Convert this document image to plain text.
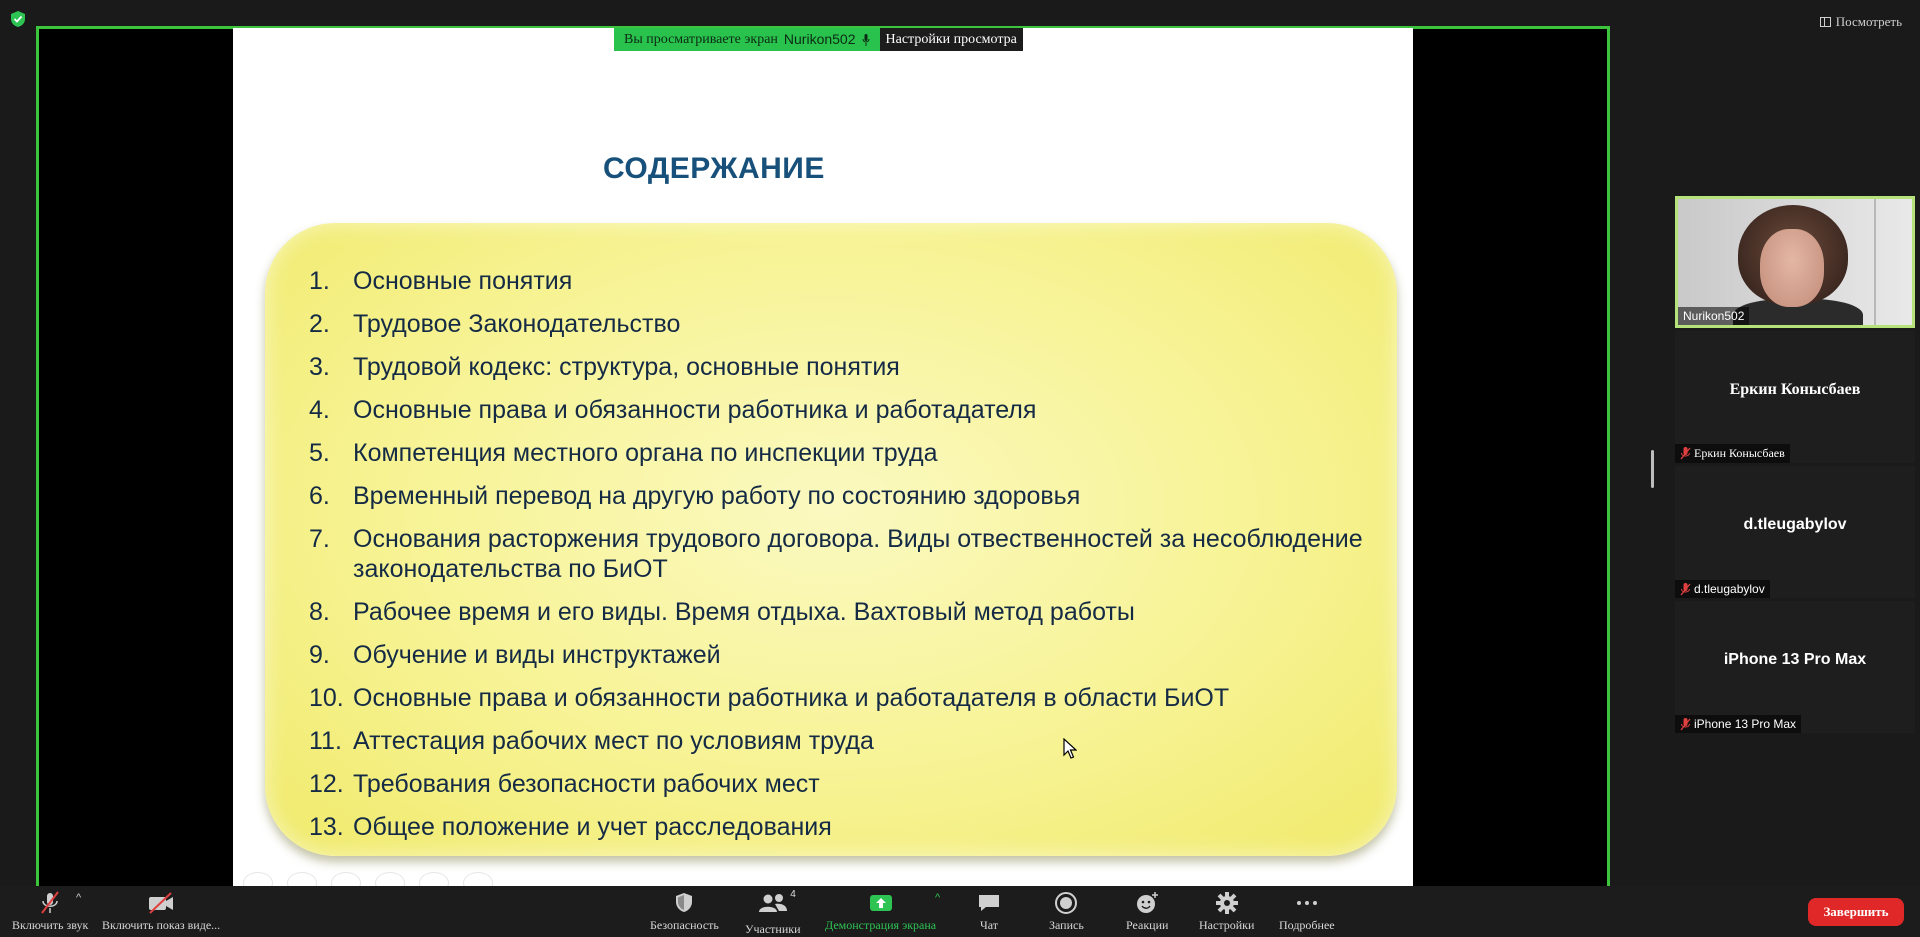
Посмотреть
СОДЕРЖАНИЕ
1. Основные понятия
2. Трудовое Законодательство
3. Трудовой кодекс: структура, основные понятия
4. Основные права и обязанности работника и работадателя
5. Компетенция местного органа по инспекции труда
6. Временный перевод на другую работу по состоянию здоровья
7. Основания расторжения трудового договора. Виды отвественностей за несоблюдение законодательства по БиОТ
8. Рабочее время и его виды. Время отдыха. Вахтовый метод работы
9. Обучение и виды инструктажей
10. Основные права и обязанности работника и работадателя в области БиОТ
11. Аттестация рабочих мест по условиям труда
12. Требования безопасности рабочих мест
13. Общее положение и учет расследования
Вы просматриваете экран Nurikon502	Настройки просмотра
Nurikon502
Еркин Конысбаев
Еркин Конысбаев
d.tleugabylov
d.tleugabylov
iPhone 13 Pro Max
iPhone 13 Pro Max
Включить звук
^
Включить показ виде...	Безопасность
4
Участники Демонстрация экрана
^
Чат	Запись	Реакции	Настройки Подробнее
Завершить
